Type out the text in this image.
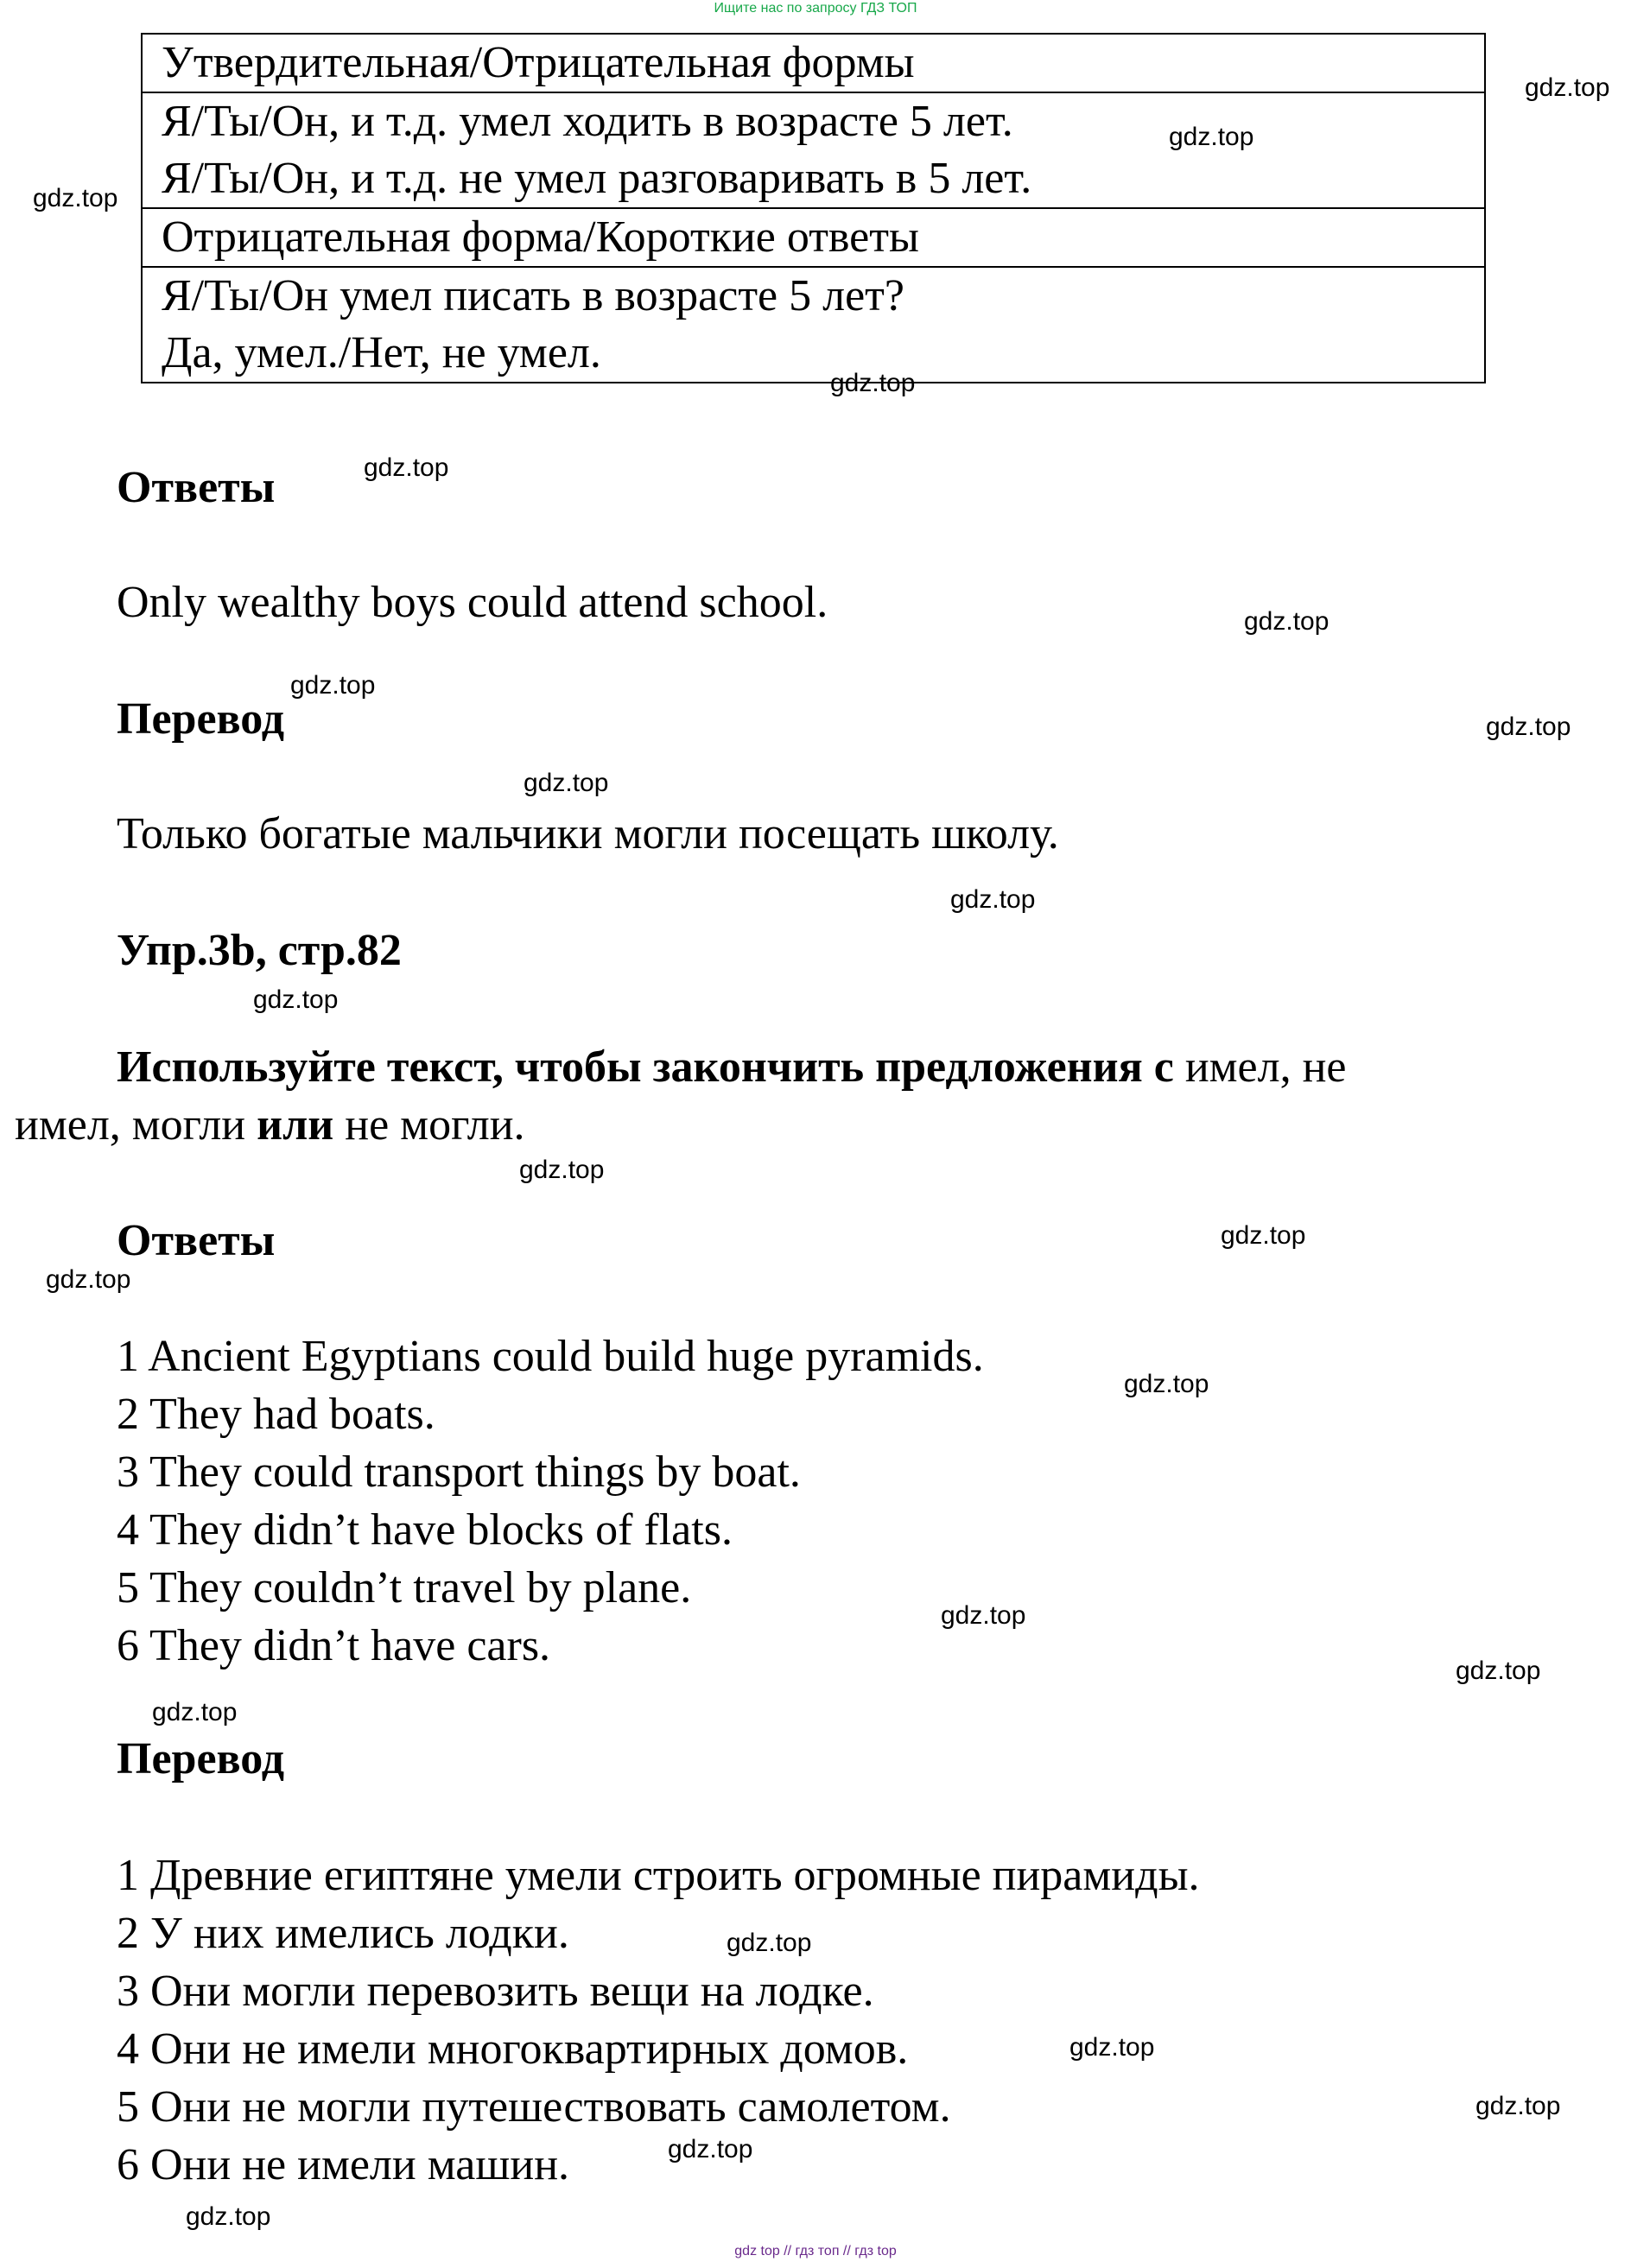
Ищите нас по запросу ГДЗ ТОП
Утвердительная/Отрицательная формы

Я/Ты/Он, и т.д. умел ходить в возрасте 5 лет.
Я/Ты/Он, и т.д. не умел разговаривать в 5 лет.

Отрицательная форма/Короткие ответы

Я/Ты/Он умел писать в возрасте 5 лет?
Да, умел./Нет, не умел.
Ответы
Only wealthy boys could attend school.
Перевод
Только богатые мальчики могли посещать школу.
Упр.3b, стр.82
Используйте текст, чтобы закончить предложения с имел, не
имел, могли или не могли.
Ответы
1 Ancient Egyptians could build huge pyramids.
2 They had boats.
3 They could transport things by boat.
4 They didn’t have blocks of flats.
5 They couldn’t travel by plane.
6 They didn’t have cars.
Перевод
1 Древние египтяне умели строить огромные пирамиды.
2 У них имелись лодки.
3 Они могли перевозить вещи на лодке.
4 Они не имели многоквартирных домов.
5 Они не могли путешествовать самолетом.
6 Они не имели машин.
gdz.top
gdz.top
gdz.top
gdz.top
gdz.top
gdz.top
gdz.top
gdz.top
gdz.top
gdz.top
gdz.top
gdz.top
gdz.top
gdz.top
gdz.top
gdz.top
gdz.top
gdz.top
gdz.top
gdz.top
gdz.top
gdz.top
gdz.top
gdz top // гдз топ // гдз top
